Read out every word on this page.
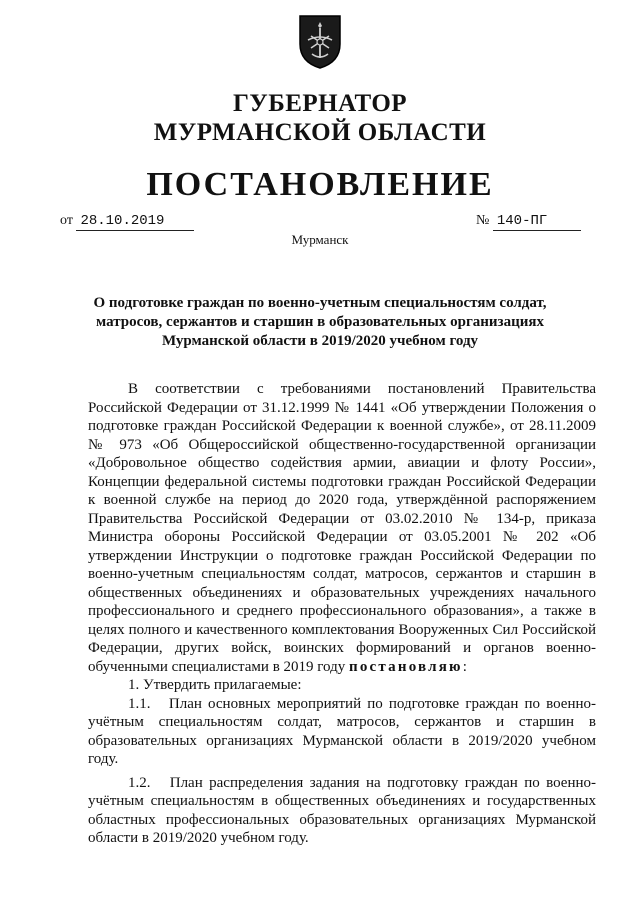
ГУБЕРНАТОР
МУРМАНСКОЙ ОБЛАСТИ
ПОСТАНОВЛЕНИЕ
от 28.10.2019	№ 140-ПГ
Мурманск
О подготовке граждан по военно-учетным специальностям солдат, матросов, сержантов и старшин в образовательных организациях Мурманской области в 2019/2020 учебном году

В соответствии с требованиями постановлений Правительства Российской Федерации от 31.12.1999 № 1441 «Об утверждении Положения о подготовке граждан Российской Федерации к военной службе», от 28.11.2009 № 973 «Об Общероссийской общественно-государственной организации «Добровольное общество содействия армии, авиации и флоту России», Концепции федеральной системы подготовки граждан Российской Федерации к военной службе на период до 2020 года, утверждённой распоряжением Правительства Российской Федерации от 03.02.2010 № 134-р, приказа Министра обороны Российской Федерации от 03.05.2001 № 202 «Об утверждении Инструкции о подготовке граждан Российской Федерации по военно-учетным специальностям солдат, матросов, сержантов и старшин в общественных объединениях и образовательных учреждениях начального профессионального и среднего профессионального образования», а также в целях полного и качественного комплектования Вооруженных Сил Российской Федерации, других войск, воинских формирований и органов военно-обученными специалистами в 2019 году постановляю:

1. Утвердить прилагаемые:

1.1. План основных мероприятий по подготовке граждан по военно-учётным специальностям солдат, матросов, сержантов и старшин в образовательных организациях Мурманской области в 2019/2020 учебном году.

1.2. План распределения задания на подготовку граждан по военно-учётным специальностям в общественных объединениях и государственных областных профессиональных образовательных организациях Мурманской области в 2019/2020 учебном году.
